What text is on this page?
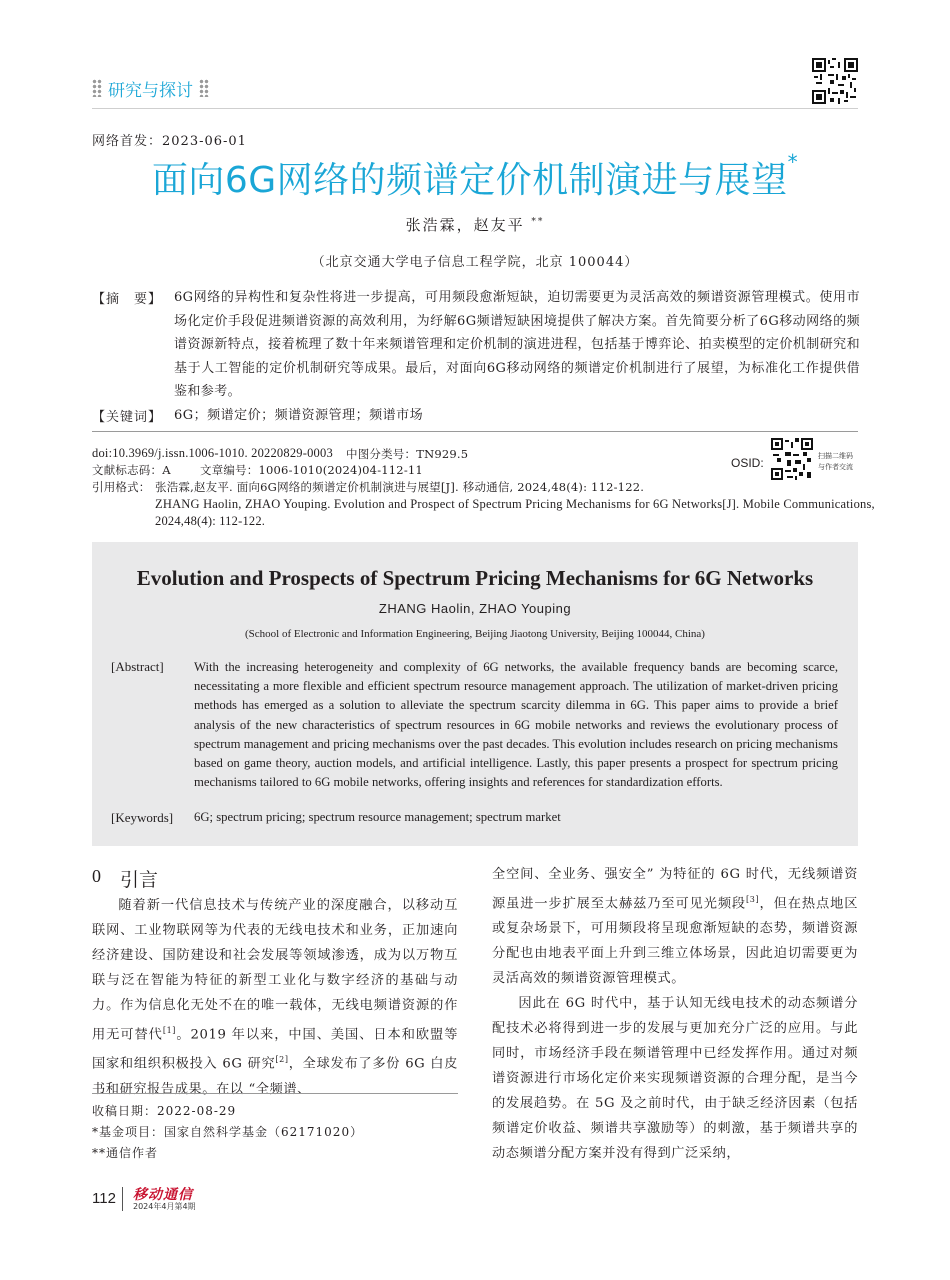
研究与探讨
网络首发：2023-06-01
面向6G网络的频谱定价机制演进与展望*
张浩霖，赵友平 **
（北京交通大学电子信息工程学院，北京 100044）
【摘　要】 6G网络的异构性和复杂性将进一步提高，可用频段愈渐短缺，迫切需要更为灵活高效的频谱资源管理模式。使用市场化定价手段促进频谱资源的高效利用，为纾解6G频谱短缺困境提供了解决方案。首先简要分析了6G移动网络的频谱资源新特点，接着梳理了数十年来频谱管理和定价机制的演进进程，包括基于博弈论、拍卖模型的定价机制研究和基于人工智能的定价机制研究等成果。最后，对面向6G移动网络的频谱定价机制进行了展望，为标准化工作提供借鉴和参考。
【关键词】 6G；频谱定价；频谱资源管理；频谱市场
doi:10.3969/j.issn.1006-1010. 20220829-0003 中图分类号：TN929.5
文献标志码：A	文章编号：1006-1010(2024)04-112-11	OSID:	扫描二维码
与作者交流
引用格式： 张浩霖,赵友平. 面向6G网络的频谱定价机制演进与展望[J]. 移动通信, 2024,48(4): 112-122.
ZHANG Haolin, ZHAO Youping. Evolution and Prospect of Spectrum Pricing Mechanisms for 6G Networks[J]. Mobile Communications,
2024,48(4): 112-122.
Evolution and Prospects of Spectrum Pricing Mechanisms for 6G Networks
ZHANG Haolin, ZHAO Youping
(School of Electronic and Information Engineering, Beijing Jiaotong University, Beijing 100044, China)
[Abstract] With the increasing heterogeneity and complexity of 6G networks, the available frequency bands are becoming scarce, necessitating a more flexible and efficient spectrum resource management approach. The utilization of market-driven pricing methods has emerged as a solution to alleviate the spectrum scarcity dilemma in 6G. This paper aims to provide a brief analysis of the new characteristics of spectrum resources in 6G mobile networks and reviews the evolutionary process of spectrum management and pricing mechanisms over the past decades. This evolution includes research on pricing mechanisms based on game theory, auction models, and artificial intelligence. Lastly, this paper presents a prospect for spectrum pricing mechanisms tailored to 6G mobile networks, offering insights and references for standardization efforts.
[Keywords] 6G; spectrum pricing; spectrum resource management; spectrum market
0 引言

随着新一代信息技术与传统产业的深度融合，以移动互联网、工业物联网等为代表的无线电技术和业务，正加速向经济建设、国防建设和社会发展等领域渗透，成为以万物互联与泛在智能为特征的新型工业化与数字经济的基础与动力。作为信息化无处不在的唯一载体，无线电频谱资源的作用无可替代[1]。2019 年以来，中国、美国、日本和欧盟等国家和组织积极投入 6G 研究[2]，全球发布了多份 6G 白皮书和研究报告成果。在以 “全频谱、

全空间、全业务、强安全” 为特征的 6G 时代，无线频谱资源虽进一步扩展至太赫兹乃至可见光频段[3]，但在热点地区或复杂场景下，可用频段将呈现愈渐短缺的态势，频谱资源分配也由地表平面上升到三维立体场景，因此迫切需要更为灵活高效的频谱资源管理模式。

因此在 6G 时代中，基于认知无线电技术的动态频谱分配技术必将得到进一步的发展与更加充分广泛的应用。与此同时，市场经济手段在频谱管理中已经发挥作用。通过对频谱资源进行市场化定价来实现频谱资源的合理分配，是当今的发展趋势。在 5G 及之前时代，由于缺乏经济因素（包括频谱定价收益、频谱共享激励等）的刺激，基于频谱共享的动态频谱分配方案并没有得到广泛采纳，

收稿日期：2022-08-29
*基金项目：国家自然科学基金（62171020）
**通信作者
112 移动通信
2024年4月第4期
